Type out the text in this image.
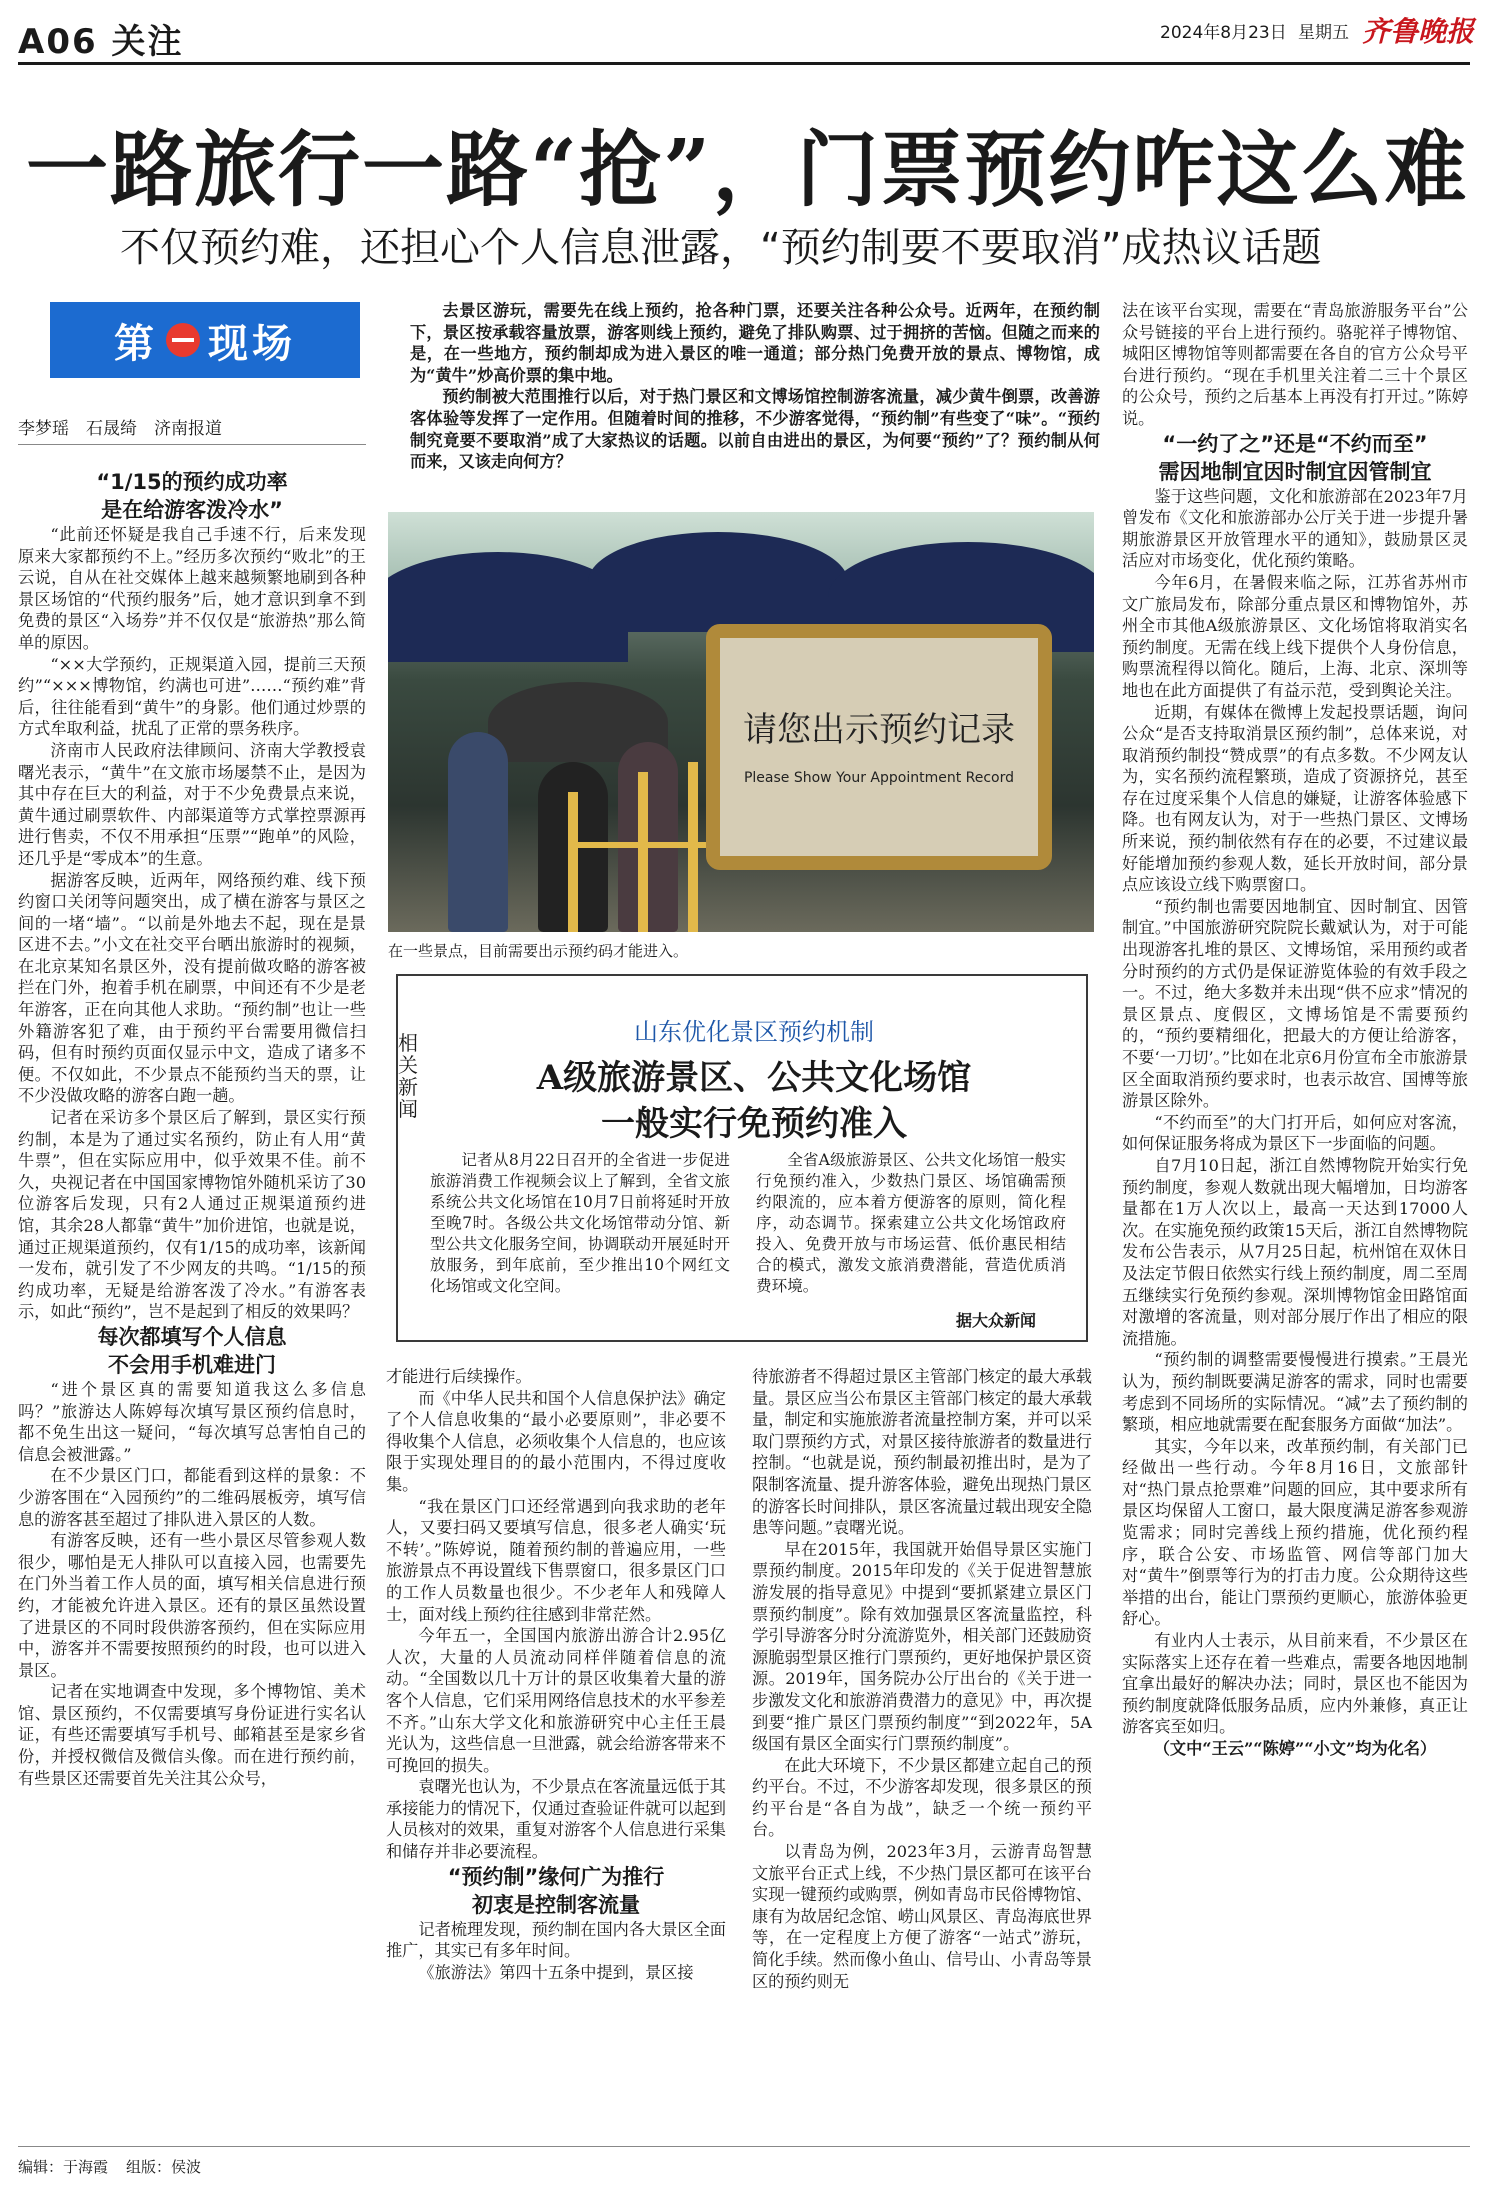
A06 关注	2024年8月23日 星期五 齐鲁晚报
一路旅行一路“抢”，门票预约咋这么难
不仅预约难，还担心个人信息泄露，“预约制要不要取消”成热议话题
第 现场
李梦瑶　石晟绮　济南报道

去景区游玩，需要先在线上预约，抢各种门票，还要关注各种公众号。近两年，在预约制下，景区按承载容量放票，游客则线上预约，避免了排队购票、过于拥挤的苦恼。但随之而来的是，在一些地方，预约制却成为进入景区的唯一通道；部分热门免费开放的景点、博物馆，成为“黄牛”炒高价票的集中地。

预约制被大范围推行以后，对于热门景区和文博场馆控制游客流量，减少黄牛倒票，改善游客体验等发挥了一定作用。但随着时间的推移，不少游客觉得，“预约制”有些变了“味”。“预约制究竟要不要取消”成了大家热议的话题。以前自由进出的景区，为何要“预约”了？预约制从何而来，又该走向何方？

“1/15的预约成功率
是在给游客泼冷水”

“此前还怀疑是我自己手速不行，后来发现原来大家都预约不上。”经历多次预约“败北”的王云说，自从在社交媒体上越来越频繁地刷到各种景区场馆的“代预约服务”后，她才意识到拿不到免费的景区“入场券”并不仅仅是“旅游热”那么简单的原因。

“××大学预约，正规渠道入园，提前三天预约”“×××博物馆，约满也可进”……“预约难”背后，往往能看到“黄牛”的身影。他们通过炒票的方式牟取利益，扰乱了正常的票务秩序。

济南市人民政府法律顾问、济南大学教授袁曙光表示，“黄牛”在文旅市场屡禁不止，是因为其中存在巨大的利益，对于不少免费景点来说，黄牛通过刷票软件、内部渠道等方式掌控票源再进行售卖，不仅不用承担“压票”“跑单”的风险，还几乎是“零成本”的生意。

据游客反映，近两年，网络预约难、线下预约窗口关闭等问题突出，成了横在游客与景区之间的一堵“墙”。“以前是外地去不起，现在是景区进不去。”小文在社交平台晒出旅游时的视频，在北京某知名景区外，没有提前做攻略的游客被拦在门外，抱着手机在刷票，中间还有不少是老年游客，正在向其他人求助。“预约制”也让一些外籍游客犯了难，由于预约平台需要用微信扫码，但有时预约页面仅显示中文，造成了诸多不便。不仅如此，不少景点不能预约当天的票，让不少没做攻略的游客白跑一趟。

记者在采访多个景区后了解到，景区实行预约制，本是为了通过实名预约，防止有人用“黄牛票”，但在实际应用中，似乎效果不佳。前不久，央视记者在中国国家博物馆外随机采访了30位游客后发现，只有2人通过正规渠道预约进馆，其余28人都靠“黄牛”加价进馆，也就是说，通过正规渠道预约，仅有1/15的成功率，该新闻一发布，就引发了不少网友的共鸣。“1/15的预约成功率，无疑是给游客泼了冷水。”有游客表示，如此“预约”，岂不是起到了相反的效果吗？

每次都填写个人信息
不会用手机难进门

“进个景区真的需要知道我这么多信息吗？”旅游达人陈婷每次填写景区预约信息时，都不免生出这一疑问，“每次填写总害怕自己的信息会被泄露。”

在不少景区门口，都能看到这样的景象：不少游客围在“入园预约”的二维码展板旁，填写信息的游客甚至超过了排队进入景区的人数。

有游客反映，还有一些小景区尽管参观人数很少，哪怕是无人排队可以直接入园，也需要先在门外当着工作人员的面，填写相关信息进行预约，才能被允许进入景区。还有的景区虽然设置了进景区的不同时段供游客预约，但在实际应用中，游客并不需要按照预约的时段，也可以进入景区。

记者在实地调查中发现，多个博物馆、美术馆、景区预约，不仅需要填写身份证进行实名认证，有些还需要填写手机号、邮箱甚至是家乡省份，并授权微信及微信头像。而在进行预约前，有些景区还需要首先关注其公众号，

请您出示预约记录
Please Show Your Appointment Record
在一些景点，目前需要出示预约码才能进入。
相关新闻
山东优化景区预约机制
A级旅游景区、公共文化场馆
一般实行免预约准入

记者从8月22日召开的全省进一步促进旅游消费工作视频会议上了解到，全省文旅系统公共文化场馆在10月7日前将延时开放至晚7时。各级公共文化场馆带动分馆、新型公共文化服务空间，协调联动开展延时开放服务，到年底前，至少推出10个网红文化场馆或文化空间。

全省A级旅游景区、公共文化场馆一般实行免预约准入，少数热门景区、场馆确需预约限流的，应本着方便游客的原则，简化程序，动态调节。探索建立公共文化场馆政府投入、免费开放与市场运营、低价惠民相结合的模式，激发文旅消费潜能，营造优质消费环境。

据大众新闻

才能进行后续操作。

而《中华人民共和国个人信息保护法》确定了个人信息收集的“最小必要原则”，非必要不得收集个人信息，必须收集个人信息的，也应该限于实现处理目的的最小范围内，不得过度收集。

“我在景区门口还经常遇到向我求助的老年人，又要扫码又要填写信息，很多老人确实‘玩不转’。”陈婷说，随着预约制的普遍应用，一些旅游景点不再设置线下售票窗口，很多景区门口的工作人员数量也很少。不少老年人和残障人士，面对线上预约往往感到非常茫然。

今年五一，全国国内旅游出游合计2.95亿人次，大量的人员流动同样伴随着信息的流动。“全国数以几十万计的景区收集着大量的游客个人信息，它们采用网络信息技术的水平参差不齐。”山东大学文化和旅游研究中心主任王晨光认为，这些信息一旦泄露，就会给游客带来不可挽回的损失。

袁曙光也认为，不少景点在客流量远低于其承接能力的情况下，仅通过查验证件就可以起到人员核对的效果，重复对游客个人信息进行采集和储存并非必要流程。

“预约制”缘何广为推行
初衷是控制客流量

记者梳理发现，预约制在国内各大景区全面推广，其实已有多年时间。

《旅游法》第四十五条中提到，景区接

待旅游者不得超过景区主管部门核定的最大承载量。景区应当公布景区主管部门核定的最大承载量，制定和实施旅游者流量控制方案，并可以采取门票预约方式，对景区接待旅游者的数量进行控制。“也就是说，预约制最初推出时，是为了限制客流量、提升游客体验，避免出现热门景区的游客长时间排队，景区客流量过载出现安全隐患等问题。”袁曙光说。

早在2015年，我国就开始倡导景区实施门票预约制度。2015年印发的《关于促进智慧旅游发展的指导意见》中提到“要抓紧建立景区门票预约制度”。除有效加强景区客流量监控，科学引导游客分时分流游览外，相关部门还鼓励资源脆弱型景区推行门票预约，更好地保护景区资源。2019年，国务院办公厅出台的《关于进一步激发文化和旅游消费潜力的意见》中，再次提到要“推广景区门票预约制度”“到2022年，5A级国有景区全面实行门票预约制度”。

在此大环境下，不少景区都建立起自己的预约平台。不过，不少游客却发现，很多景区的预约平台是“各自为战”，缺乏一个统一预约平台。

以青岛为例，2023年3月，云游青岛智慧文旅平台正式上线，不少热门景区都可在该平台实现一键预约或购票，例如青岛市民俗博物馆、康有为故居纪念馆、崂山风景区、青岛海底世界等，在一定程度上方便了游客“一站式”游玩，简化手续。然而像小鱼山、信号山、小青岛等景区的预约则无

法在该平台实现，需要在“青岛旅游服务平台”公众号链接的平台上进行预约。骆驼祥子博物馆、城阳区博物馆等则都需要在各自的官方公众号平台进行预约。“现在手机里关注着二三十个景区的公众号，预约之后基本上再没有打开过。”陈婷说。

“一约了之”还是“不约而至”
需因地制宜因时制宜因管制宜

鉴于这些问题，文化和旅游部在2023年7月曾发布《文化和旅游部办公厅关于进一步提升暑期旅游景区开放管理水平的通知》，鼓励景区灵活应对市场变化，优化预约策略。

今年6月，在暑假来临之际，江苏省苏州市文广旅局发布，除部分重点景区和博物馆外，苏州全市其他A级旅游景区、文化场馆将取消实名预约制度。无需在线上线下提供个人身份信息，购票流程得以简化。随后，上海、北京、深圳等地也在此方面提供了有益示范，受到舆论关注。

近期，有媒体在微博上发起投票话题，询问公众“是否支持取消景区预约制”，总体来说，对取消预约制投“赞成票”的有点多数。不少网友认为，实名预约流程繁琐，造成了资源挤兑，甚至存在过度采集个人信息的嫌疑，让游客体验感下降。也有网友认为，对于一些热门景区、文博场所来说，预约制依然有存在的必要，不过建议最好能增加预约参观人数，延长开放时间，部分景点应该设立线下购票窗口。

“预约制也需要因地制宜、因时制宜、因管制宜。”中国旅游研究院院长戴斌认为，对于可能出现游客扎堆的景区、文博场馆，采用预约或者分时预约的方式仍是保证游览体验的有效手段之一。不过，绝大多数并未出现“供不应求”情况的景区景点、度假区，文博场馆是不需要预约的，“预约要精细化，把最大的方便让给游客，不要‘一刀切’。”比如在北京6月份宣布全市旅游景区全面取消预约要求时，也表示故宫、国博等旅游景区除外。

“不约而至”的大门打开后，如何应对客流，如何保证服务将成为景区下一步面临的问题。

自7月10日起，浙江自然博物院开始实行免预约制度，参观人数就出现大幅增加，日均游客量都在1万人次以上，最高一天达到17000人次。在实施免预约政策15天后，浙江自然博物院发布公告表示，从7月25日起，杭州馆在双休日及法定节假日依然实行线上预约制度，周二至周五继续实行免预约参观。深圳博物馆金田路馆面对激增的客流量，则对部分展厅作出了相应的限流措施。

“预约制的调整需要慢慢进行摸索。”王晨光认为，预约制既要满足游客的需求，同时也需要考虑到不同场所的实际情况。“减”去了预约制的繁琐，相应地就需要在配套服务方面做“加法”。

其实，今年以来，改革预约制，有关部门已经做出一些行动。今年8月16日，文旅部针对“热门景点抢票难”问题的回应，其中要求所有景区均保留人工窗口，最大限度满足游客参观游览需求；同时完善线上预约措施，优化预约程序，联合公安、市场监管、网信等部门加大对“黄牛”倒票等行为的打击力度。公众期待这些举措的出台，能让门票预约更顺心，旅游体验更舒心。

有业内人士表示，从目前来看，不少景区在实际落实上还存在着一些难点，需要各地因地制宜拿出最好的解决办法；同时，景区也不能因为预约制度就降低服务品质，应内外兼修，真正让游客宾至如归。

（文中“王云”“陈婷”“小文”均为化名）

编辑：于海霞 组版：侯波
